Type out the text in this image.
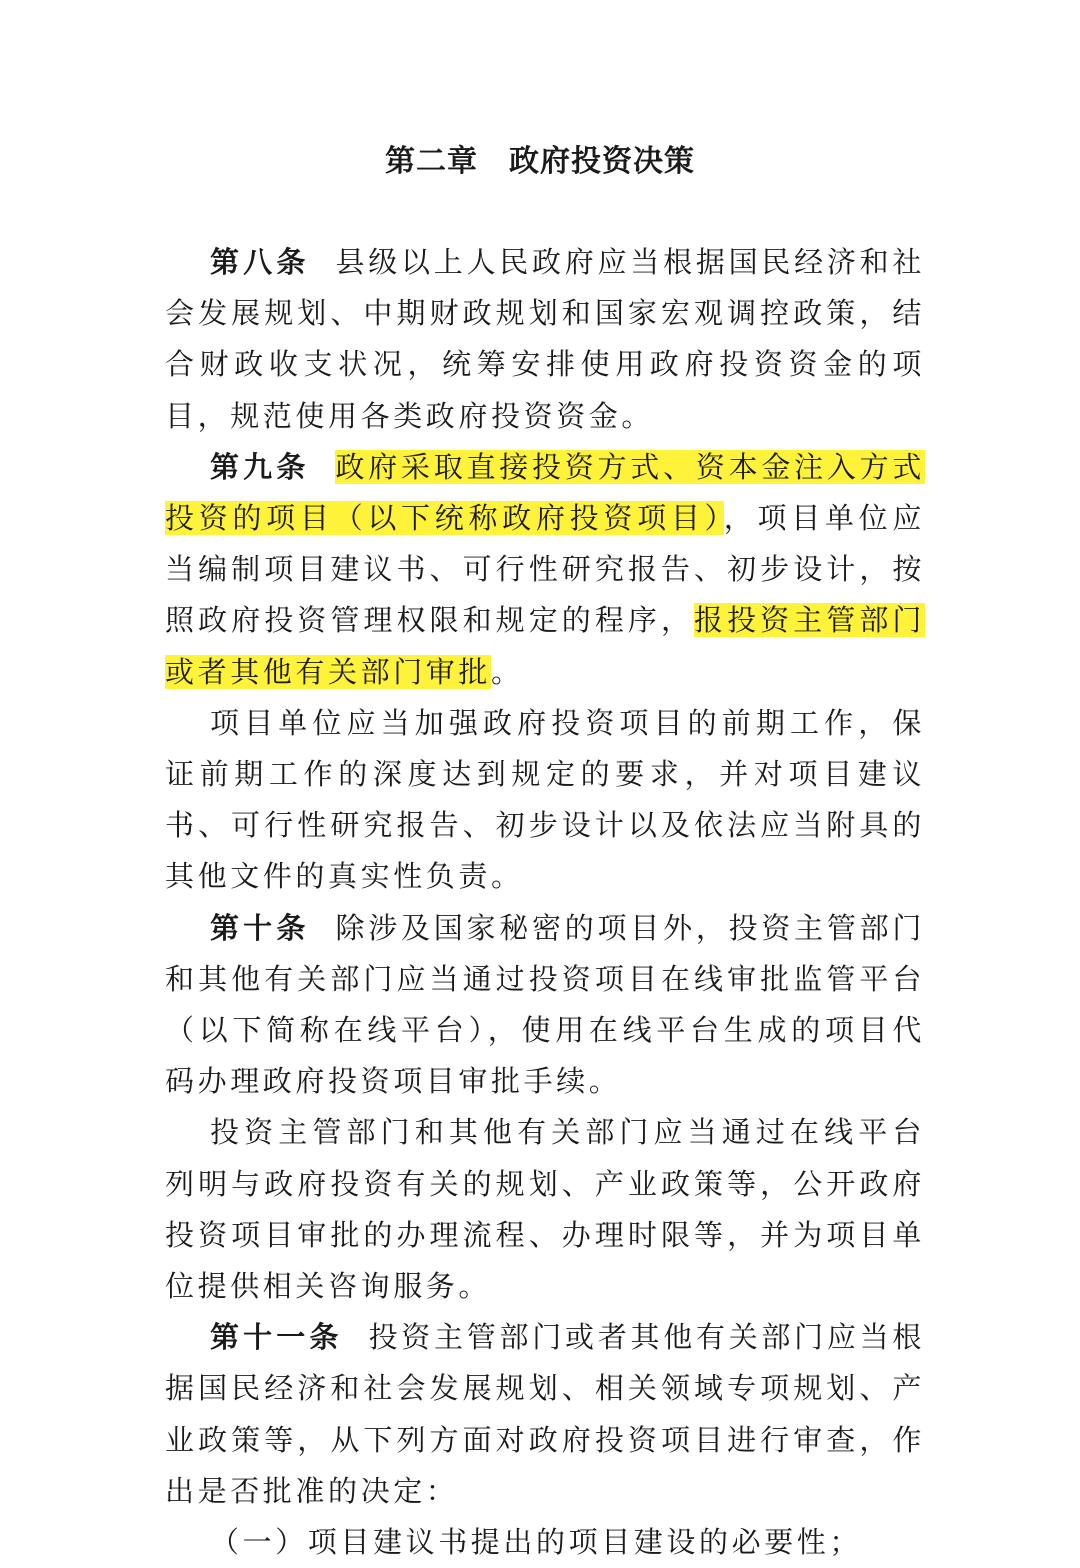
第二章　政府投资决策

第八条 县级以上人民政府应当根据国民经济和社会发展规划、中期财政规划和国家宏观调控政策，结合财政收支状况，统筹安排使用政府投资资金的项目，规范使用各类政府投资资金。

第九条 政府采取直接投资方式、资本金注入方式投资的项目（以下统称政府投资项目），项目单位应当编制项目建议书、可行性研究报告、初步设计，按照政府投资管理权限和规定的程序，报投资主管部门或者其他有关部门审批。

项目单位应当加强政府投资项目的前期工作，保证前期工作的深度达到规定的要求，并对项目建议书、可行性研究报告、初步设计以及依法应当附具的其他文件的真实性负责。

第十条 除涉及国家秘密的项目外，投资主管部门和其他有关部门应当通过投资项目在线审批监管平台（以下简称在线平台），使用在线平台生成的项目代码办理政府投资项目审批手续。

投资主管部门和其他有关部门应当通过在线平台列明与政府投资有关的规划、产业政策等，公开政府投资项目审批的办理流程、办理时限等，并为项目单位提供相关咨询服务。

第十一条 投资主管部门或者其他有关部门应当根据国民经济和社会发展规划、相关领域专项规划、产业政策等，从下列方面对政府投资项目进行审查，作出是否批准的决定：

（一）项目建议书提出的项目建设的必要性；
